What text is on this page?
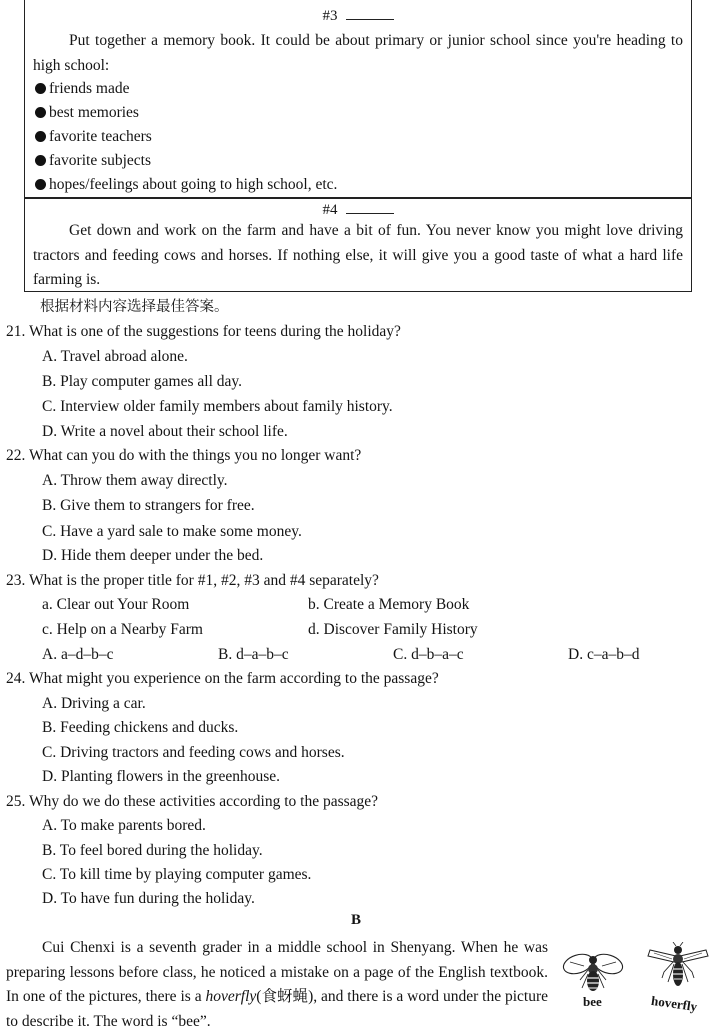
#3
Put together a memory book. It could be about primary or junior school since you're heading to high school:
friends made
best memories
favorite teachers
favorite subjects
hopes/feelings about going to high school, etc.
#4
Get down and work on the farm and have a bit of fun. You never know you might love driving tractors and feeding cows and horses. If nothing else, it will give you a good taste of what a hard life farming is.
根据材料内容选择最佳答案。
21. What is one of the suggestions for teens during the holiday?
A. Travel abroad alone.
B. Play computer games all day.
C. Interview older family members about family history.
D. Write a novel about their school life.
22. What can you do with the things you no longer want?
A. Throw them away directly.
B. Give them to strangers for free.
C. Have a yard sale to make some money.
D. Hide them deeper under the bed.
23. What is the proper title for #1, #2, #3 and #4 separately?
a. Clear out Your Room	b. Create a Memory Book
c. Help on a Nearby Farm	d. Discover Family History
A. a–d–b–c	B. d–a–b–c	C. d–b–a–c	D. c–a–b–d
24. What might you experience on the farm according to the passage?
A. Driving a car.
B. Feeding chickens and ducks.
C. Driving tractors and feeding cows and horses.
D. Planting flowers in the greenhouse.
25. Why do we do these activities according to the passage?
A. To make parents bored.
B. To feel bored during the holiday.
C. To kill time by playing computer games.
D. To have fun during the holiday.
B
Cui Chenxi is a seventh grader in a middle school in Shenyang. When he was preparing lessons before class, he noticed a mistake on a page of the English textbook. In one of the pictures, there is a hoverfly(食蚜蝇), and there is a word under the picture to describe it. The word is “bee”.
bee	hoverfly
